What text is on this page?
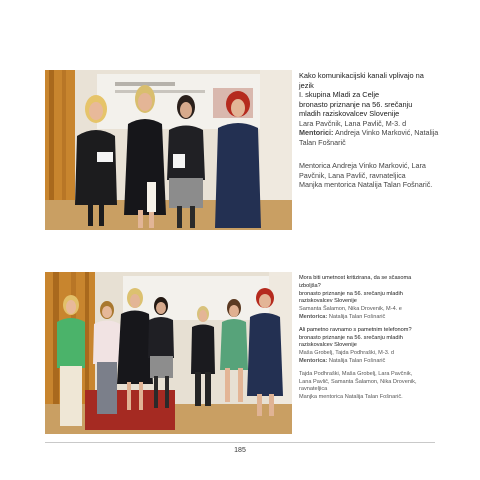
Kako komunikacijski kanali vplivajo na

jezik

I. skupina Mladi za Celje

bronasto priznanje na 56. srečanju

mladih raziskovalcev Slovenije

Lara Pavčnik, Lana Pavlič, M-3. d

Mentorici: Andreja Vinko Marković, Natalija

Talan Fošnarič

Mentorica Andreja Vinko Marković, Lara

Pavčnik, Lana Pavlič, ravnateljica

Manjka mentorica Natalija Talan Fošnarič.

Mora biti umetnost kritizirana, da se sčasoma

izboljša?

bronasto priznanje na 56. srečanju mladih

raziskovalcev Slovenije

Samanta Šalamon, Nika Drovenik, M-4. e

Mentorica: Natalija Talan Fošnarič

Ali pametno ravnamo s pametnim telefonom?

bronasto priznanje na 56. srečanju mladih

raziskovalcev Slovenije

Maša Grobelj, Tajda Podhraški, M-3. d

Mentorica: Natalija Talan Fošnarič

Tajda Podhraški, Maša Grobelj, Lara Pavčnik,

Lana Pavlič, Samanta Šalamon, Nika Drovenik,

ravnateljica

Manjka mentorica Natalija Talan Fošnarič.

185
